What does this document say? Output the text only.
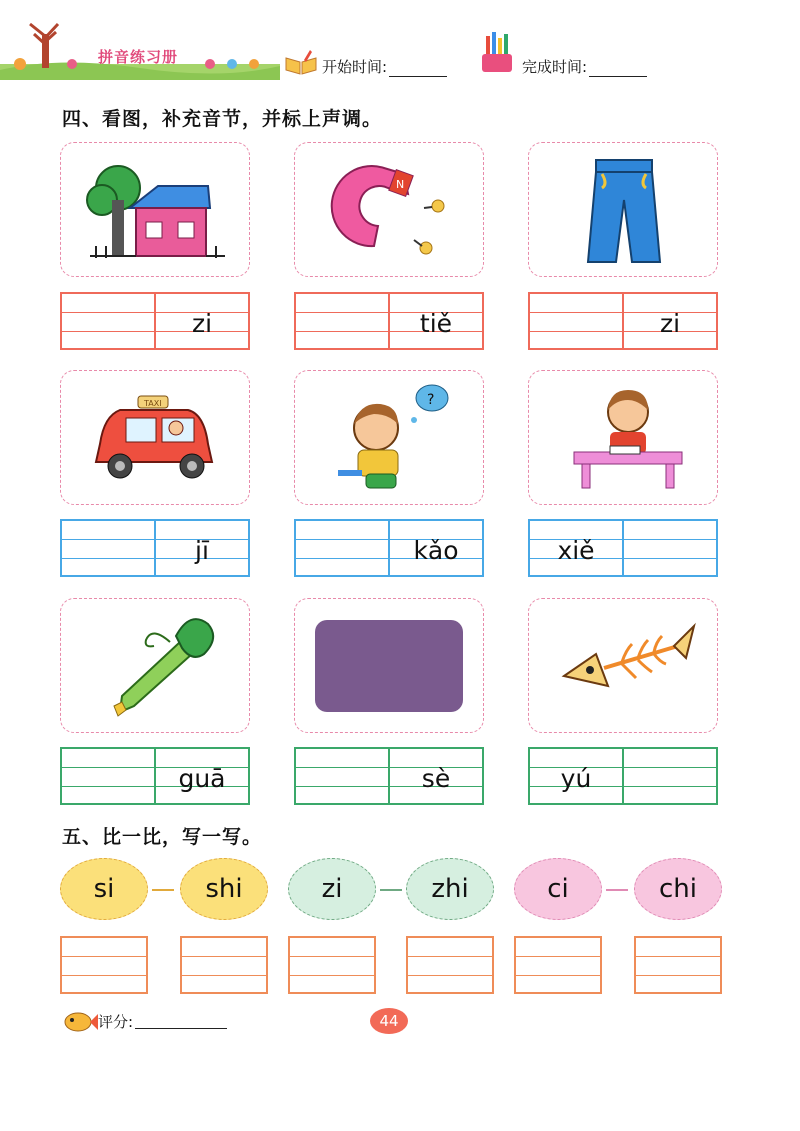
拼音练习册
开始时间:	完成时间:
四、看图，补充音节，并标上声调。
N
zi	tiě	zi
TAXI	?
jī	kǎo	xiě
guā	sè	yú
五、比一比，写一写。
si	shi	zi	zhi	ci	chi
评分:	44
